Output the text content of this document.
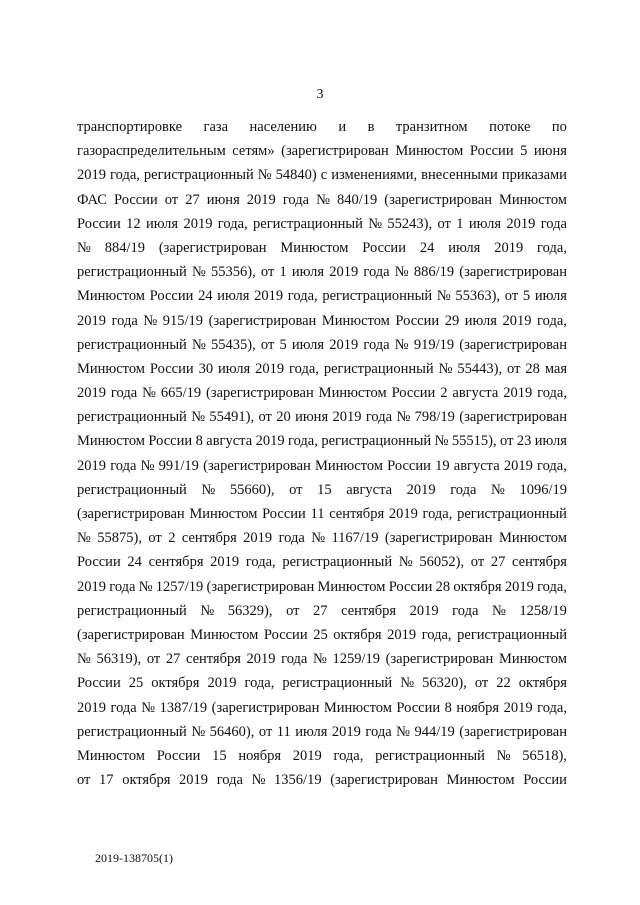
3
транспортировке газа населению и в транзитном потоке по
газораспределительным сетям» (зарегистрирован Минюстом России 5 июня
2019 года, регистрационный № 54840) с изменениями, внесенными приказами
ФАС России от 27 июня 2019 года № 840/19 (зарегистрирован Минюстом
России 12 июля 2019 года, регистрационный № 55243), от 1 июля 2019 года
№ 884/19 (зарегистрирован Минюстом России 24 июля 2019 года,
регистрационный № 55356), от 1 июля 2019 года № 886/19 (зарегистрирован
Минюстом России 24 июля 2019 года, регистрационный № 55363), от 5 июля
2019 года № 915/19 (зарегистрирован Минюстом России 29 июля 2019 года,
регистрационный № 55435), от 5 июля 2019 года № 919/19 (зарегистрирован
Минюстом России 30 июля 2019 года, регистрационный № 55443), от 28 мая
2019 года № 665/19 (зарегистрирован Минюстом России 2 августа 2019 года,
регистрационный № 55491), от 20 июня 2019 года № 798/19 (зарегистрирован
Минюстом России 8 августа 2019 года, регистрационный № 55515), от 23 июля
2019 года № 991/19 (зарегистрирован Минюстом России 19 августа 2019 года,
регистрационный № 55660), от 15 августа 2019 года № 1096/19
(зарегистрирован Минюстом России 11 сентября 2019 года, регистрационный
№ 55875), от 2 сентября 2019 года № 1167/19 (зарегистрирован Минюстом
России 24 сентября 2019 года, регистрационный № 56052), от 27 сентября
2019 года № 1257/19 (зарегистрирован Минюстом России 28 октября 2019 года,
регистрационный № 56329), от 27 сентября 2019 года № 1258/19
(зарегистрирован Минюстом России 25 октября 2019 года, регистрационный
№ 56319), от 27 сентября 2019 года № 1259/19 (зарегистрирован Минюстом
России 25 октября 2019 года, регистрационный № 56320), от 22 октября
2019 года № 1387/19 (зарегистрирован Минюстом России 8 ноября 2019 года,
регистрационный № 56460), от 11 июля 2019 года № 944/19 (зарегистрирован
Минюстом России 15 ноября 2019 года, регистрационный № 56518),
от 17 октября 2019 года № 1356/19 (зарегистрирован Минюстом России
2019-138705(1)
